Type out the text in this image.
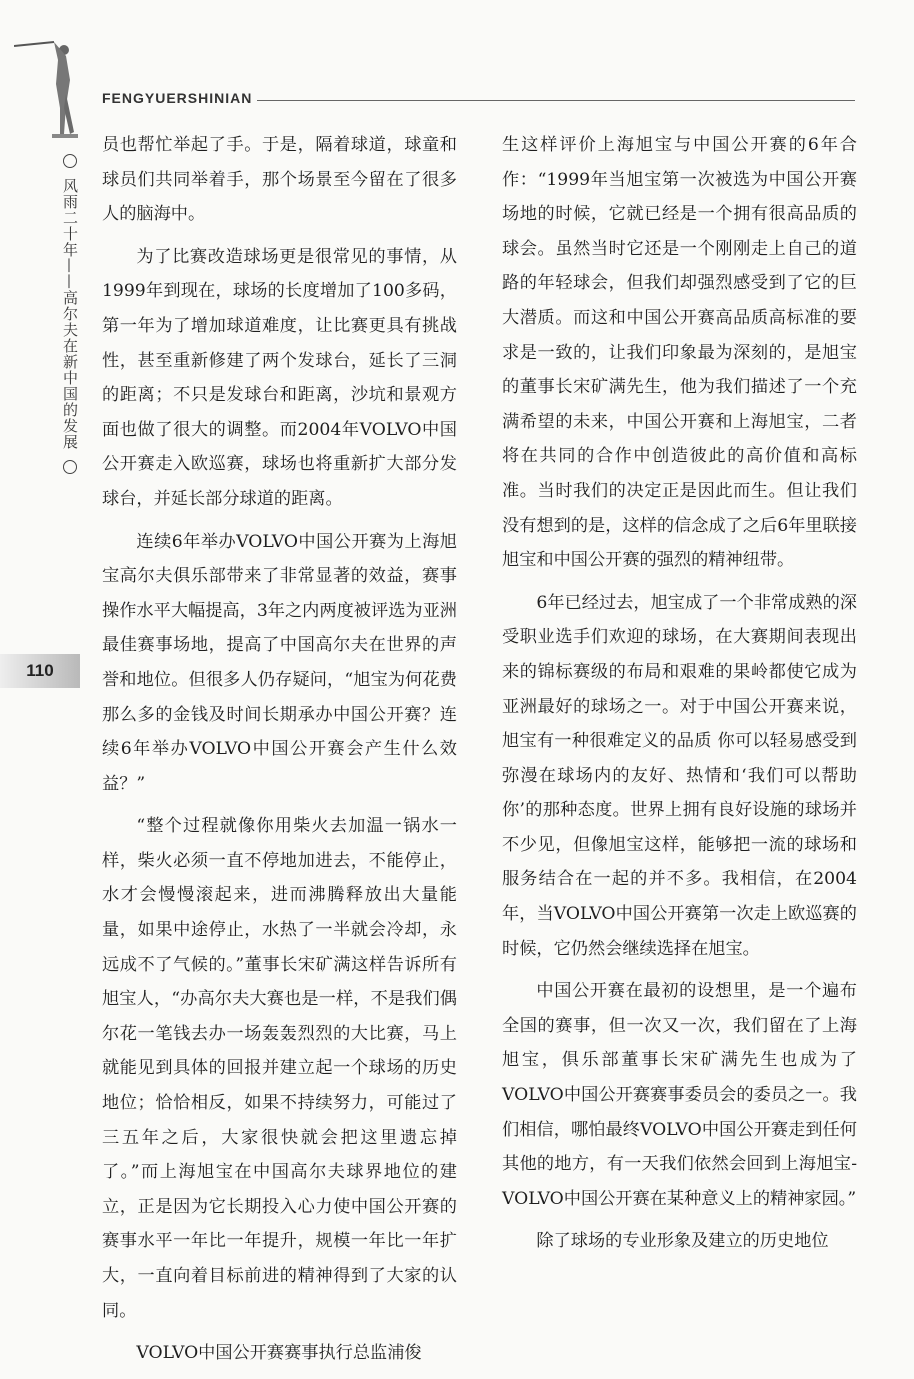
FENGYUERSHINIAN
风雨二十年——高尔夫在新中国的发展
110

员也帮忙举起了手。于是，隔着球道，球童和球员们共同举着手，那个场景至今留在了很多人的脑海中。

为了比赛改造球场更是很常见的事情，从1999年到现在，球场的长度增加了100多码，第一年为了增加球道难度，让比赛更具有挑战性，甚至重新修建了两个发球台，延长了三洞的距离；不只是发球台和距离，沙坑和景观方面也做了很大的调整。而2004年VOLVO中国公开赛走入欧巡赛，球场也将重新扩大部分发球台，并延长部分球道的距离。

连续6年举办VOLVO中国公开赛为上海旭宝高尔夫俱乐部带来了非常显著的效益，赛事操作水平大幅提高，3年之内两度被评选为亚洲最佳赛事场地，提高了中国高尔夫在世界的声誉和地位。但很多人仍存疑问，“旭宝为何花费那么多的金钱及时间长期承办中国公开赛？连续6年举办VOLVO中国公开赛会产生什么效益？”

“整个过程就像你用柴火去加温一锅水一样，柴火必须一直不停地加进去，不能停止，水才会慢慢滚起来，进而沸腾释放出大量能量，如果中途停止，水热了一半就会冷却，永远成不了气候的。”董事长宋矿满这样告诉所有旭宝人，“办高尔夫大赛也是一样，不是我们偶尔花一笔钱去办一场轰轰烈烈的大比赛，马上就能见到具体的回报并建立起一个球场的历史地位；恰恰相反，如果不持续努力，可能过了三五年之后，大家很快就会把这里遗忘掉了。”而上海旭宝在中国高尔夫球界地位的建立，正是因为它长期投入心力使中国公开赛的赛事水平一年比一年提升，规模一年比一年扩大，一直向着目标前进的精神得到了大家的认同。

VOLVO中国公开赛赛事执行总监浦俊

生这样评价上海旭宝与中国公开赛的6年合作：“1999年当旭宝第一次被选为中国公开赛场地的时候，它就已经是一个拥有很高品质的球会。虽然当时它还是一个刚刚走上自己的道路的年轻球会，但我们却强烈感受到了它的巨大潜质。而这和中国公开赛高品质高标准的要求是一致的，让我们印象最为深刻的，是旭宝的董事长宋矿满先生，他为我们描述了一个充满希望的未来，中国公开赛和上海旭宝，二者将在共同的合作中创造彼此的高价值和高标准。当时我们的决定正是因此而生。但让我们没有想到的是，这样的信念成了之后6年里联接旭宝和中国公开赛的强烈的精神纽带。

6年已经过去，旭宝成了一个非常成熟的深受职业选手们欢迎的球场，在大赛期间表现出来的锦标赛级的布局和艰难的果岭都使它成为亚洲最好的球场之一。对于中国公开赛来说，旭宝有一种很难定义的品质 你可以轻易感受到弥漫在球场内的友好、热情和‘我们可以帮助你’的那种态度。世界上拥有良好设施的球场并不少见，但像旭宝这样，能够把一流的球场和服务结合在一起的并不多。我相信，在2004年，当VOLVO中国公开赛第一次走上欧巡赛的时候，它仍然会继续选择在旭宝。

中国公开赛在最初的设想里，是一个遍布全国的赛事，但一次又一次，我们留在了上海旭宝，俱乐部董事长宋矿满先生也成为了VOLVO中国公开赛赛事委员会的委员之一。我们相信，哪怕最终VOLVO中国公开赛走到任何其他的地方，有一天我们依然会回到上海旭宝-VOLVO中国公开赛在某种意义上的精神家园。”

除了球场的专业形象及建立的历史地位
